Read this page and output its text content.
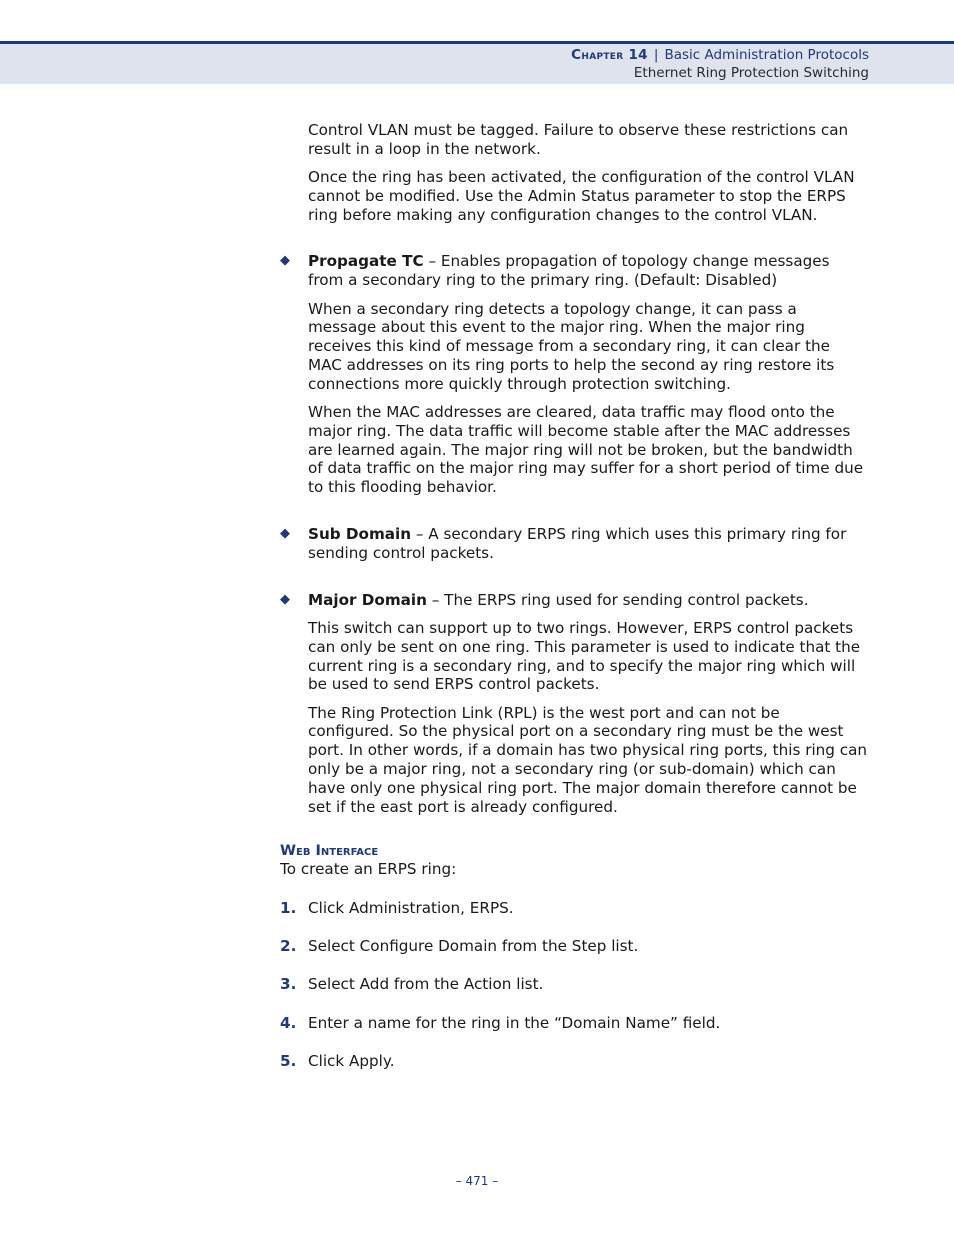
Chapter 14 | Basic Administration Protocols
Ethernet Ring Protection Switching

Control VLAN must be tagged. Failure to observe these restrictions can result in a loop in the network.

Once the ring has been activated, the configuration of the control VLAN cannot be modified. Use the Admin Status parameter to stop the ERPS ring before making any configuration changes to the control VLAN.

◆ Propagate TC – Enables propagation of topology change messages from a secondary ring to the primary ring. (Default: Disabled)

When a secondary ring detects a topology change, it can pass a message about this event to the major ring. When the major ring receives this kind of message from a secondary ring, it can clear the MAC addresses on its ring ports to help the second ay ring restore its connections more quickly through protection switching.

When the MAC addresses are cleared, data traffic may flood onto the major ring. The data traffic will become stable after the MAC addresses are learned again. The major ring will not be broken, but the bandwidth of data traffic on the major ring may suffer for a short period of time due to this flooding behavior.

◆ Sub Domain – A secondary ERPS ring which uses this primary ring for sending control packets.

◆ Major Domain – The ERPS ring used for sending control packets.

This switch can support up to two rings. However, ERPS control packets can only be sent on one ring. This parameter is used to indicate that the current ring is a secondary ring, and to specify the major ring which will be used to send ERPS control packets.

The Ring Protection Link (RPL) is the west port and can not be configured. So the physical port on a secondary ring must be the west port. In other words, if a domain has two physical ring ports, this ring can only be a major ring, not a secondary ring (or sub-domain) which can have only one physical ring port. The major domain therefore cannot be set if the east port is already configured.

Web Interface

To create an ERPS ring:

1. Click Administration, ERPS.
2. Select Configure Domain from the Step list.
3. Select Add from the Action list.
4. Enter a name for the ring in the “Domain Name” field.
5. Click Apply.
– 471 –
